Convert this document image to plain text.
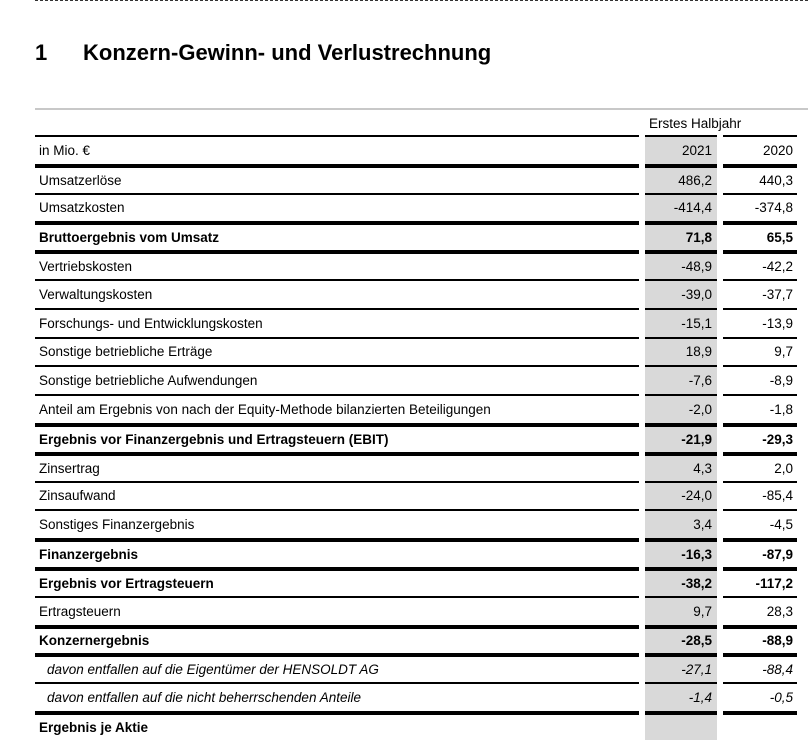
1	Konzern-Gewinn- und Verlustrechnung
Erstes Halbjahr
in Mio. €	2021	2020
Umsatzerlöse	486,2	440,3
Umsatzkosten	-414,4	-374,8
Bruttoergebnis vom Umsatz	71,8	65,5
Vertriebskosten	-48,9	-42,2
Verwaltungskosten	-39,0	-37,7
Forschungs- und Entwicklungskosten	-15,1	-13,9
Sonstige betriebliche Erträge	18,9	9,7
Sonstige betriebliche Aufwendungen	-7,6	-8,9
Anteil am Ergebnis von nach der Equity-Methode bilanzierten Beteiligungen	-2,0	-1,8
Ergebnis vor Finanzergebnis und Ertragsteuern (EBIT)	-21,9	-29,3
Zinsertrag	4,3	2,0
Zinsaufwand	-24,0	-85,4
Sonstiges Finanzergebnis	3,4	-4,5
Finanzergebnis	-16,3	-87,9
Ergebnis vor Ertragsteuern	-38,2	-117,2
Ertragsteuern	9,7	28,3
Konzernergebnis	-28,5	-88,9
davon entfallen auf die Eigentümer der HENSOLDT AG	-27,1	-88,4
davon entfallen auf die nicht beherrschenden Anteile	-1,4	-0,5
Ergebnis je Aktie
